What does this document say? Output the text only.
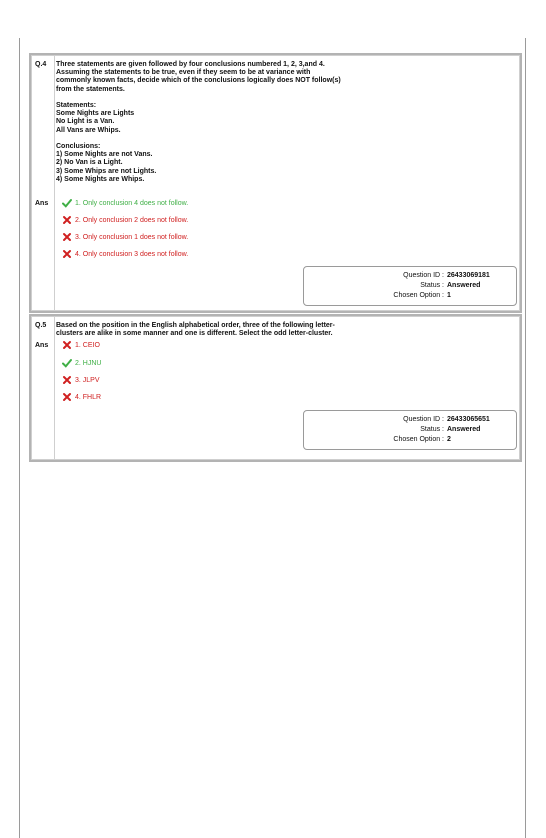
Q.4 Three statements are given followed by four conclusions numbered 1, 2, 3,and 4.
Assuming the statements to be true, even if they seem to be at variance with
commonly known facts, decide which of the conclusions logically does NOT follow(s)
from the statements.

Statements:
Some Nights are Lights
No Light is a Van.
All Vans are Whips.

Conclusions:
1) Some Nights are not Vans.
2) No Van is a Light.
3) Some Whips are not Lights.
4) Some Nights are Whips.
Ans	1. Only conclusion 4 does not follow.
2. Only conclusion 2 does not follow.
3. Only conclusion 1 does not follow.
4. Only conclusion 3 does not follow.
Question ID : 26433069181
Status : Answered
Chosen Option : 1
Q.5 Based on the position in the English alphabetical order, three of the following letter-
clusters are alike in some manner and one is different. Select the odd letter-cluster.
Ans	1. CEIO
2. HJNU
3. JLPV
4. FHLR
Question ID : 26433065651
Status : Answered
Chosen Option : 2
